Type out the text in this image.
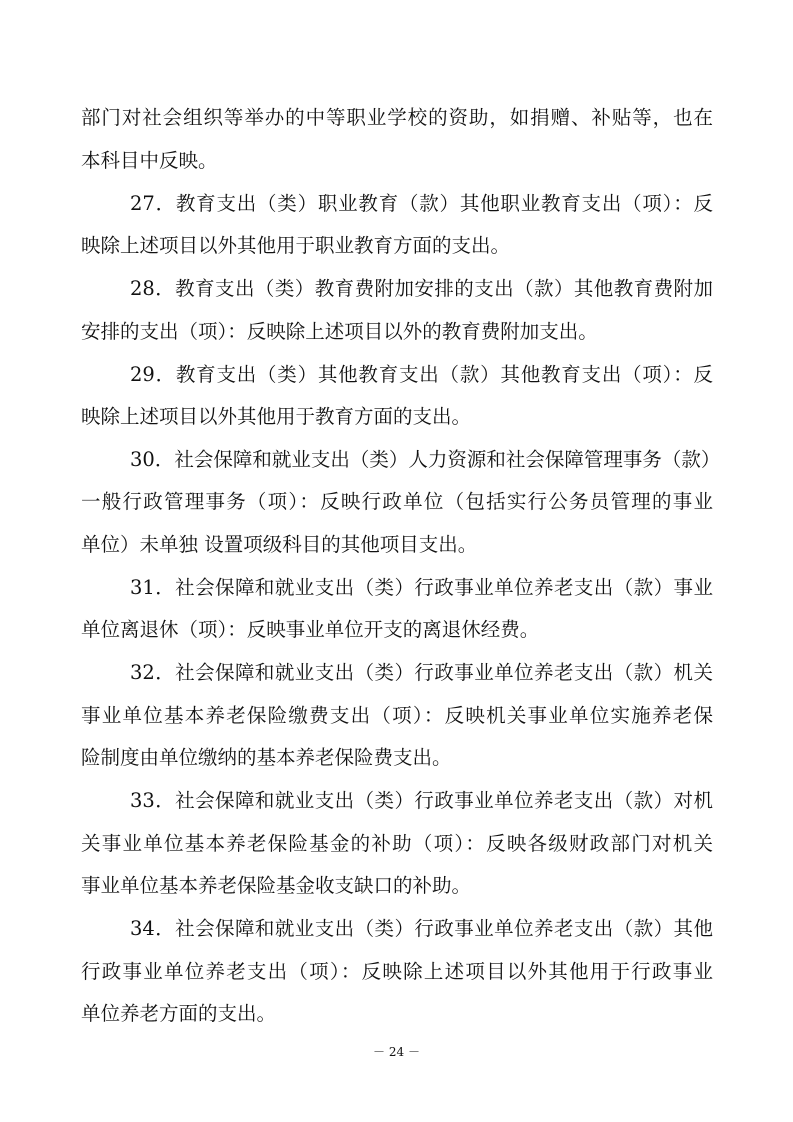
部门对社会组织等举办的中等职业学校的资助，如捐赠、补贴等，也在
本科目中反映。
27．教育支出（类）职业教育（款）其他职业教育支出（项）：反
映除上述项目以外其他用于职业教育方面的支出。
28．教育支出（类）教育费附加安排的支出（款）其他教育费附加
安排的支出（项）：反映除上述项目以外的教育费附加支出。
29．教育支出（类）其他教育支出（款）其他教育支出（项）：反
映除上述项目以外其他用于教育方面的支出。
30．社会保障和就业支出（类）人力资源和社会保障管理事务（款）
一般行政管理事务（项）：反映行政单位（包括实行公务员管理的事业
单位）未单独 设置项级科目的其他项目支出。
31．社会保障和就业支出（类）行政事业单位养老支出（款）事业
单位离退休（项）：反映事业单位开支的离退休经费。
32．社会保障和就业支出（类）行政事业单位养老支出（款）机关
事业单位基本养老保险缴费支出（项）：反映机关事业单位实施养老保
险制度由单位缴纳的基本养老保险费支出。
33．社会保障和就业支出（类）行政事业单位养老支出（款）对机
关事业单位基本养老保险基金的补助（项）：反映各级财政部门对机关
事业单位基本养老保险基金收支缺口的补助。
34．社会保障和就业支出（类）行政事业单位养老支出（款）其他
行政事业单位养老支出（项）：反映除上述项目以外其他用于行政事业
单位养老方面的支出。
－ 24 －
